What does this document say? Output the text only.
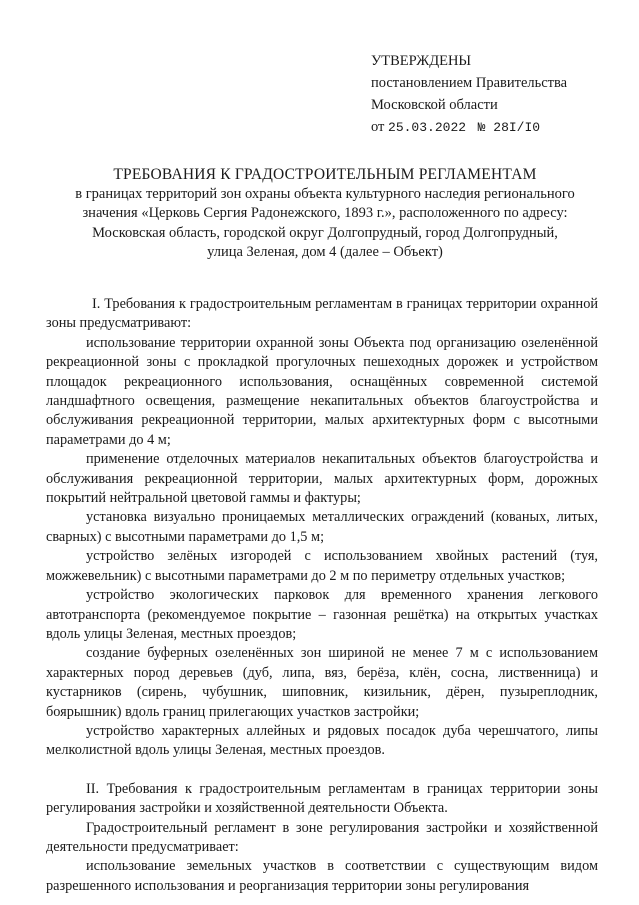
УТВЕРЖДЕНЫ
постановлением Правительства
Московской области
от 25.03.2022 № 28I/I0
ТРЕБОВАНИЯ К ГРАДОСТРОИТЕЛЬНЫМ РЕГЛАМЕНТАМ
в границах территорий зон охраны объекта культурного наследия регионального
значения «Церковь Сергия Радонежского, 1893 г.», расположенного по адресу:
Московская область, городской округ Долгопрудный, город Долгопрудный,
улица Зеленая, дом 4 (далее – Объект)

I. Требования к градостроительным регламентам в границах территории охранной зоны предусматривают:

использование территории охранной зоны Объекта под организацию озеленённой рекреационной зоны с прокладкой прогулочных пешеходных дорожек и устройством площадок рекреационного использования, оснащённых современной системой ландшафтного освещения, размещение некапитальных объектов благоустройства и обслуживания рекреационной территории, малых архитектурных форм с высотными параметрами до 4 м;

применение отделочных материалов некапитальных объектов благоустройства и обслуживания рекреационной территории, малых архитектурных форм, дорожных покрытий нейтральной цветовой гаммы и фактуры;

установка визуально проницаемых металлических ограждений (кованых, литых, сварных) с высотными параметрами до 1,5 м;

устройство зелёных изгородей с использованием хвойных растений (туя, можжевельник) с высотными параметрами до 2 м по периметру отдельных участков;

устройство экологических парковок для временного хранения легкового автотранспорта (рекомендуемое покрытие – газонная решётка) на открытых участках вдоль улицы Зеленая, местных проездов;

создание буферных озеленённых зон шириной не менее 7 м с использованием характерных пород деревьев (дуб, липа, вяз, берёза, клён, сосна, лиственница) и кустарников (сирень, чубушник, шиповник, кизильник, дёрен, пузыреплодник, боярышник) вдоль границ прилегающих участков застройки;

устройство характерных аллейных и рядовых посадок дуба черешчатого, липы мелколистной вдоль улицы Зеленая, местных проездов.

II. Требования к градостроительным регламентам в границах территории зоны регулирования застройки и хозяйственной деятельности Объекта.

Градостроительный регламент в зоне регулирования застройки и хозяйственной деятельности предусматривает:

использование земельных участков в соответствии с существующим видом разрешенного использования и реорганизация территории зоны регулирования
